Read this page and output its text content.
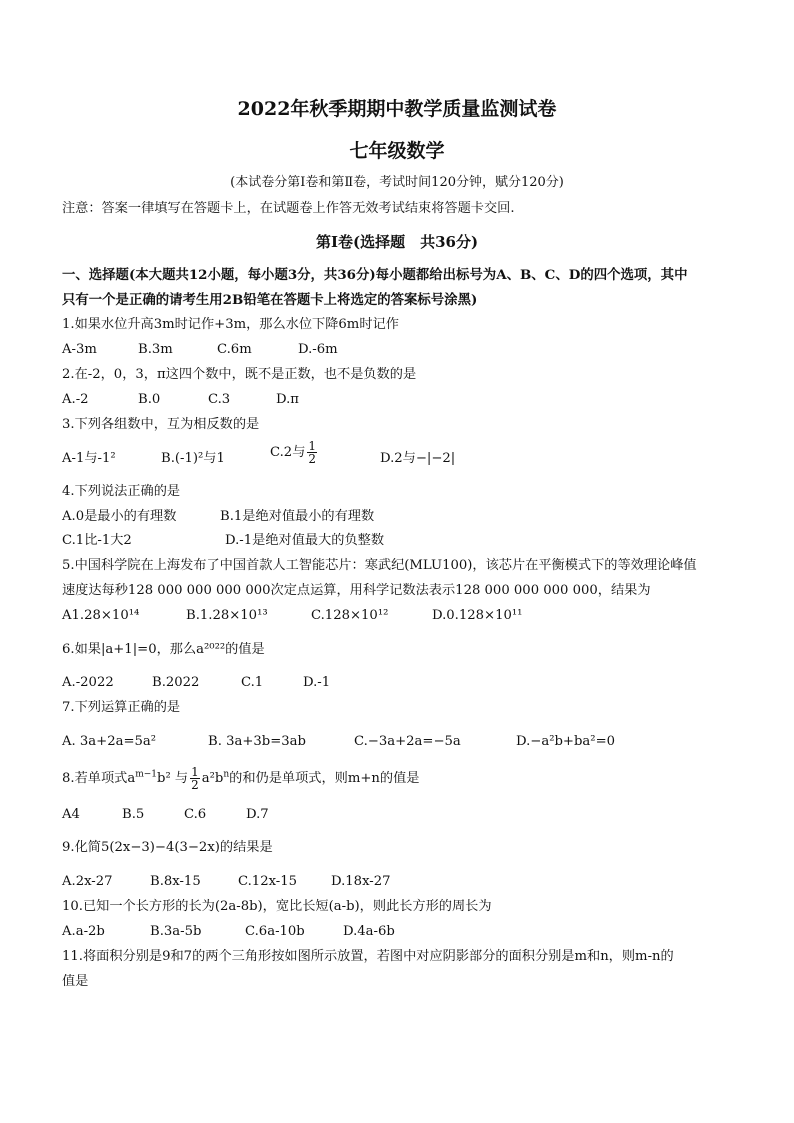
2022年秋季期期中教学质量监测试卷
七年级数学
(本试卷分第Ⅰ卷和第Ⅱ卷，考试时间120分钟，赋分120分)
注意：答案一律填写在答题卡上，在试题卷上作答无效考试结束将答题卡交回.
第Ⅰ卷(选择题　共36分)
一、选择题(本大题共12小题，每小题3分，共36分)每小题都给出标号为A、B、C、D的四个选项，其中
只有一个是正确的请考生用2B铅笔在答题卡上将选定的答案标号涂黑)
1.如果水位升高3m时记作+3m，那么水位下降6m时记作
A-3m	B.3m	C.6m	D.-6m
2.在-2，0，3，π这四个数中，既不是正数，也不是负数的是
A.-2	B.0	C.3	D.π
3.下列各组数中，互为相反数的是
A-1与-1²	B.(-1)²与1	C.2与 $\frac{1}{2}$	D.2与−|−2|
4.下列说法正确的是
A.0是最小的有理数	B.1是绝对值最小的有理数
C.1比-1大2	D.-1是绝对值最大的负整数
5.中国科学院在上海发布了中国首款人工智能芯片：寒武纪(MLU100)，该芯片在平衡模式下的等效理论峰值
速度达每秒128 000 000 000 000次定点运算，用科学记数法表示128 000 000 000 000，结果为
A1.28×10¹⁴	B.1.28×10¹³	C.128×10¹²	D.0.128×10¹¹
6.如果|a+1|=0，那么a²⁰²²的值是
A.-2022	B.2022	C.1	D.-1
7.下列运算正确的是
A. 3a+2a=5a²	B. 3a+3b=3ab	C.−3a+2a=−5a	D.−a²b+ba²=0
8.若单项式$a^{m-1}b^2$ 与 $\frac{1}{2} a^2b^n$的和仍是单项式，则m+n的值是
A4	B.5	C.6	D.7
9.化简5(2x−3)−4(3−2x)的结果是
A.2x-27	B.8x-15	C.12x-15	D.18x-27
10.已知一个长方形的长为(2a-8b)，宽比长短(a-b)，则此长方形的周长为
A.a-2b	B.3a-5b	C.6a-10b	D.4a-6b
11.将面积分别是9和7的两个三角形按如图所示放置，若图中对应阴影部分的面积分别是m和n，则m-n的
值是
